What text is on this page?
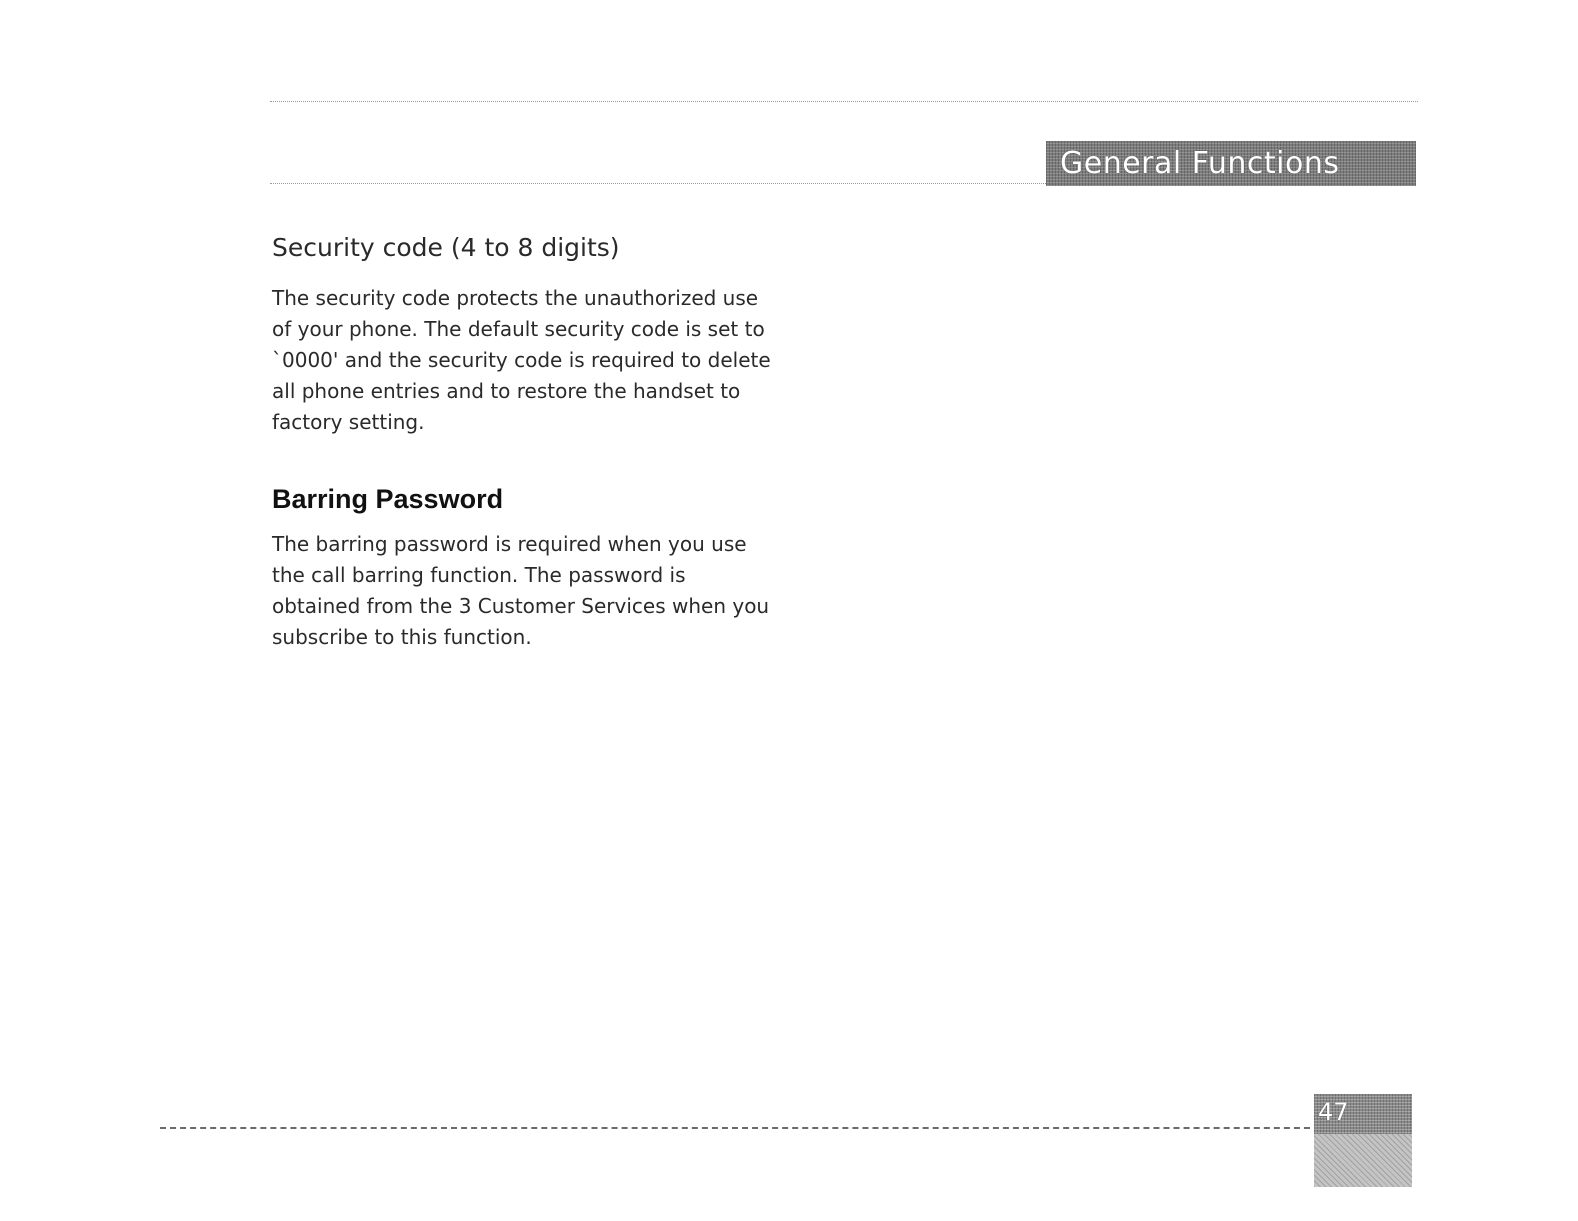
General Functions
Security code (4 to 8 digits)

The security code protects the unauthorized use of your phone. The default security code is set to `0000' and the security code is required to delete all phone entries and to restore the handset to factory setting.

Barring Password

The barring password is required when you use the call barring function. The password is obtained from the 3 Customer Services when you subscribe to this function.

47
